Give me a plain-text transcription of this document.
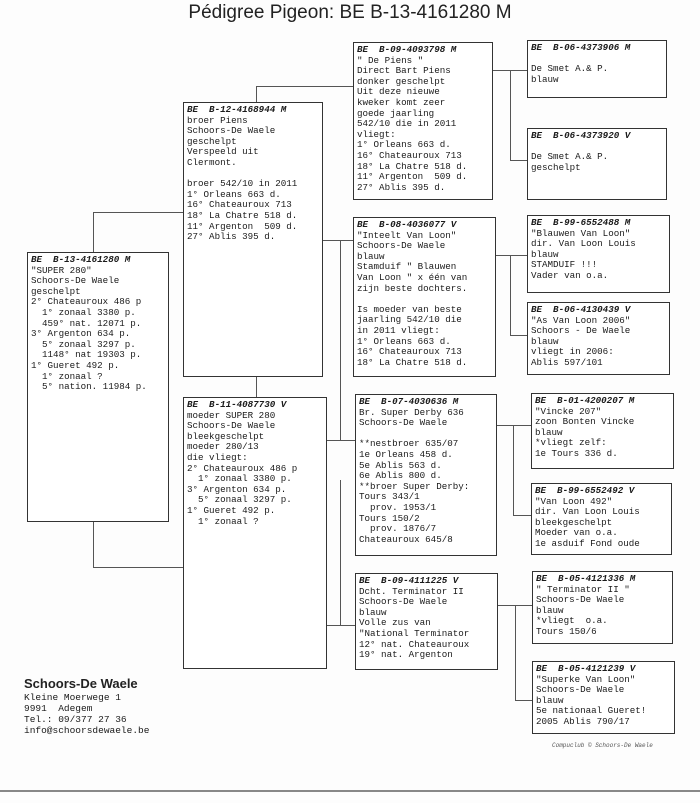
Pédigree Pigeon: BE B-13-4161280 M
BE  B-13-4161280 M
"SUPER 280"
Schoors-De Waele
geschelpt
2° Chateauroux 486 p
1° zonaal 3380 p.
459° nat. 12071 p.
3° Argenton 634 p.
5° zonaal 3297 p.
1148° nat 19303 p.
1° Gueret 492 p.
1° zonaal ?
5° nation. 11984 p.
BE  B-12-4168944 M
broer Piens
Schoors-De Waele
geschelpt
Verspeeld uit
Clermont.

broer 542/10 in 2011
1° Orleans 663 d.
16° Chateauroux 713
18° La Chatre 518 d.
11° Argenton  509 d.
27° Ablis 395 d.
BE  B-11-4087730 V
moeder SUPER 280
Schoors-De Waele
bleekgeschelpt
moeder 280/13
die vliegt:
2° Chateauroux 486 p
1° zonaal 3380 p.
3° Argenton 634 p.
5° zonaal 3297 p.
1° Gueret 492 p.
1° zonaal ?
BE  B-09-4093798 M
" De Piens "
Direct Bart Piens
donker geschelpt
Uit deze nieuwe
kweker komt zeer
goede jaarling
542/10 die in 2011
vliegt:
1° Orleans 663 d.
16° Chateauroux 713
18° La Chatre 518 d.
11° Argenton  509 d.
27° Ablis 395 d.
BE  B-08-4036077 V
"Inteelt Van Loon"
Schoors-De Waele
blauw
Stamduif " Blauwen
Van Loon " x één van
zijn beste dochters.

Is moeder van beste
jaarling 542/10 die
in 2011 vliegt:
1° Orleans 663 d.
16° Chateauroux 713
18° La Chatre 518 d.
BE  B-07-4030636 M
Br. Super Derby 636
Schoors-De Waele

**nestbroer 635/07
1e Orleans 458 d.
5e Ablis 563 d.
6e Ablis 800 d.
**broer Super Derby:
Tours 343/1
prov. 1953/1
Tours 150/2
prov. 1876/7
Chateauroux 645/8
BE  B-09-4111225 V
Dcht. Terminator II
Schoors-De Waele
blauw
Volle zus van
"National Terminator
12° nat. Chateauroux
19° nat. Argenton
BE  B-06-4373906 M

De Smet A.& P.
blauw
BE  B-06-4373920 V

De Smet A.& P.
geschelpt
BE  B-99-6552488 M
"Blauwen Van Loon"
dir. Van Loon Louis
blauw
STAMDUIF !!!
Vader van o.a.
BE  B-06-4130439 V
"As Van Loon 2006"
Schoors - De Waele
blauw
vliegt in 2006:
Ablis 597/101
BE  B-01-4200207 M
"Vincke 207"
zoon Bonten Vincke
blauw
*vliegt zelf:
1e Tours 336 d.
BE  B-99-6552492 V
"Van Loon 492"
dir. Van Loon Louis
bleekgeschelpt
Moeder van o.a.
1e asduif Fond oude
BE  B-05-4121336 M
" Terminator II "
Schoors-De Waele
blauw
*vliegt  o.a.
Tours 150/6
BE  B-05-4121239 V
"Superke Van Loon"
Schoors-De Waele
blauw
5e nationaal Gueret!
2005 Ablis 790/17
Schoors-De Waele
Kleine Moerwege 1
9991  Adegem
Tel.: 09/377 27 36
info@schoorsdewaele.be
Compuclub © Schoors-De Waele
